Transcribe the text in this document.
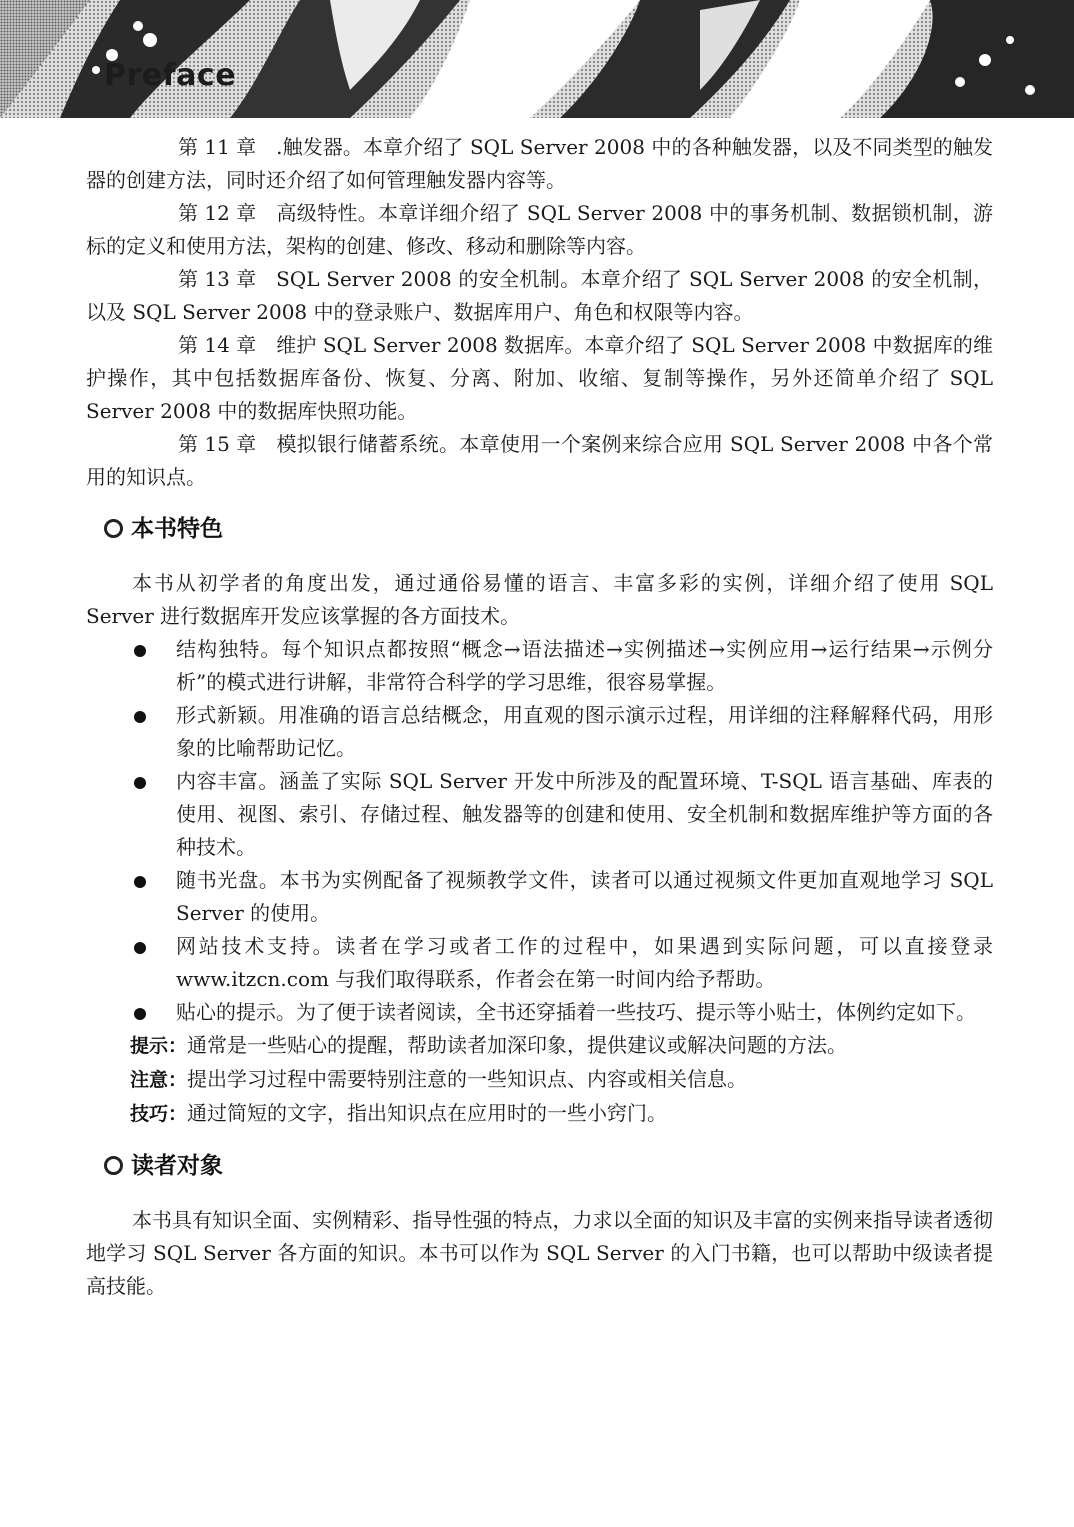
Preface

第 11 章 .触发器。本章介绍了 SQL Server 2008 中的各种触发器，以及不同类型的触发器的创建方法，同时还介绍了如何管理触发器内容等。

第 12 章 高级特性。本章详细介绍了 SQL Server 2008 中的事务机制、数据锁机制，游标的定义和使用方法，架构的创建、修改、移动和删除等内容。

第 13 章 SQL Server 2008 的安全机制。本章介绍了 SQL Server 2008 的安全机制，以及 SQL Server 2008 中的登录账户、数据库用户、角色和权限等内容。

第 14 章 维护 SQL Server 2008 数据库。本章介绍了 SQL Server 2008 中数据库的维护操作，其中包括数据库备份、恢复、分离、附加、收缩、复制等操作，另外还简单介绍了 SQL Server 2008 中的数据库快照功能。

第 15 章 模拟银行储蓄系统。本章使用一个案例来综合应用 SQL Server 2008 中各个常用的知识点。

本书特色

本书从初学者的角度出发，通过通俗易懂的语言、丰富多彩的实例，详细介绍了使用 SQL Server 进行数据库开发应该掌握的各方面技术。

结构独特。每个知识点都按照“概念→语法描述→实例描述→实例应用→运行结果→示例分析”的模式进行讲解，非常符合科学的学习思维，很容易掌握。

形式新颖。用准确的语言总结概念，用直观的图示演示过程，用详细的注释解释代码，用形象的比喻帮助记忆。

内容丰富。涵盖了实际 SQL Server 开发中所涉及的配置环境、T-SQL 语言基础、库表的使用、视图、索引、存储过程、触发器等的创建和使用、安全机制和数据库维护等方面的各种技术。

随书光盘。本书为实例配备了视频教学文件，读者可以通过视频文件更加直观地学习 SQL Server 的使用。

网站技术支持。读者在学习或者工作的过程中，如果遇到实际问题，可以直接登录 www.itzcn.com 与我们取得联系，作者会在第一时间内给予帮助。

贴心的提示。为了便于读者阅读，全书还穿插着一些技巧、提示等小贴士，体例约定如下。

提示：通常是一些贴心的提醒，帮助读者加深印象，提供建议或解决问题的方法。

注意：提出学习过程中需要特别注意的一些知识点、内容或相关信息。

技巧：通过简短的文字，指出知识点在应用时的一些小窍门。

读者对象

本书具有知识全面、实例精彩、指导性强的特点，力求以全面的知识及丰富的实例来指导读者透彻地学习 SQL Server 各方面的知识。本书可以作为 SQL Server 的入门书籍，也可以帮助中级读者提高技能。
